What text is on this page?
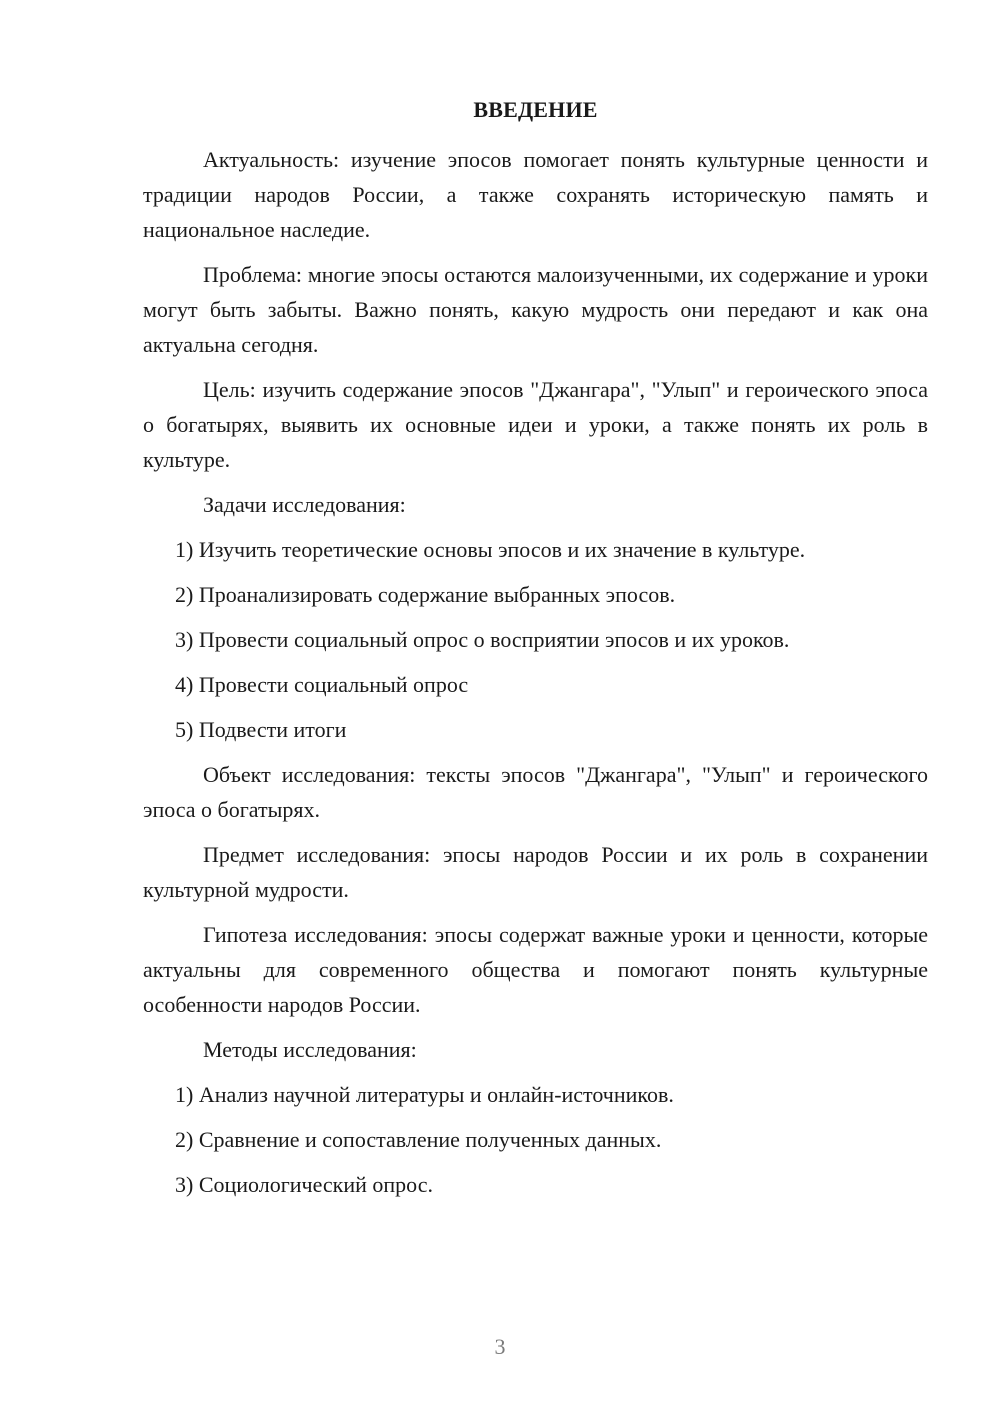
ВВЕДЕНИЕ

Актуальность: изучение эпосов помогает понять культурные ценности и традиции народов России, а также сохранять историческую память и национальное наследие.

Проблема: многие эпосы остаются малоизученными, их содержание и уроки могут быть забыты. Важно понять, какую мудрость они передают и как она актуальна сегодня.

Цель: изучить содержание эпосов "Джангара", "Улып" и героического эпоса о богатырях, выявить их основные идеи и уроки, а также понять их роль в культуре.

Задачи исследования:
1) Изучить теоретические основы эпосов и их значение в культуре.
2) Проанализировать содержание выбранных эпосов.
3) Провести социальный опрос о восприятии эпосов и их уроков.
4) Провести социальный опрос
5) Подвести итоги

Объект исследования: тексты эпосов "Джангара", "Улып" и героического эпоса о богатырях.

Предмет исследования: эпосы народов России и их роль в сохранении культурной мудрости.

Гипотеза исследования: эпосы содержат важные уроки и ценности, которые актуальны для современного общества и помогают понять культурные особенности народов России.

Методы исследования:
1) Анализ научной литературы и онлайн-источников.
2) Сравнение и сопоставление полученных данных.
3) Социологический опрос.
3
